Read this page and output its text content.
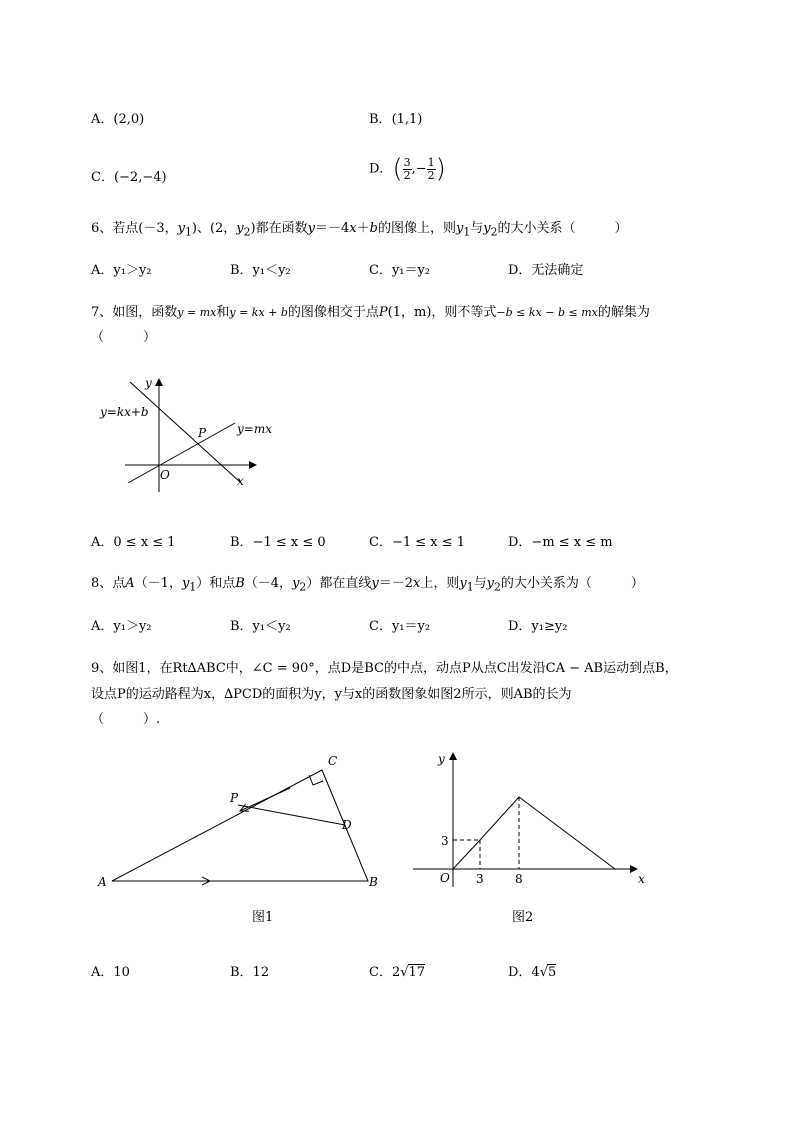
A．(2,0)	B．(1,1)
C．(−2,−4)
D．( $\frac{3}{2}$ ,− $\frac{1}{2}$ )
6、若点(－3，$y_1$)、(2，$y_2$)都在函数y＝－4x＋b的图像上，则$y_1$与$y_2$的大小关系（　　　）
A．y₁＞y₂	B．y₁＜y₂	C．y₁＝y₂	D．无法确定
7、如图，函数y = mx和y = kx + b的图像相交于点P(1，m)，则不等式−b ≤ kx − b ≤ mx的解集为
（　　　）
y
x
O
P
y=kx+b
y=mx
A．0 ≤ x ≤ 1	B．−1 ≤ x ≤ 0	C．−1 ≤ x ≤ 1	D．−m ≤ x ≤ m
8、点A（－1，$y_1$）和点B（－4，$y_2$）都在直线y＝－2x上，则$y_1$与$y_2$的大小关系为（　　　）
A．y₁＞y₂	B．y₁＜y₂	C．y₁＝y₂	D．y₁≥y₂
9、如图1，在Rt∆ABC中，∠C = 90°，点D是BC的中点，动点P从点C出发沿CA − AB运动到点B，
设点P的运动路程为x，∆PCD的面积为y，y与x的函数图象如图2所示，则AB的长为
（　　　）.
A	B
C
D
P
图1
y
x
O
3
3	8
图2
A．10	B．12	C．2√17	D．4√5
